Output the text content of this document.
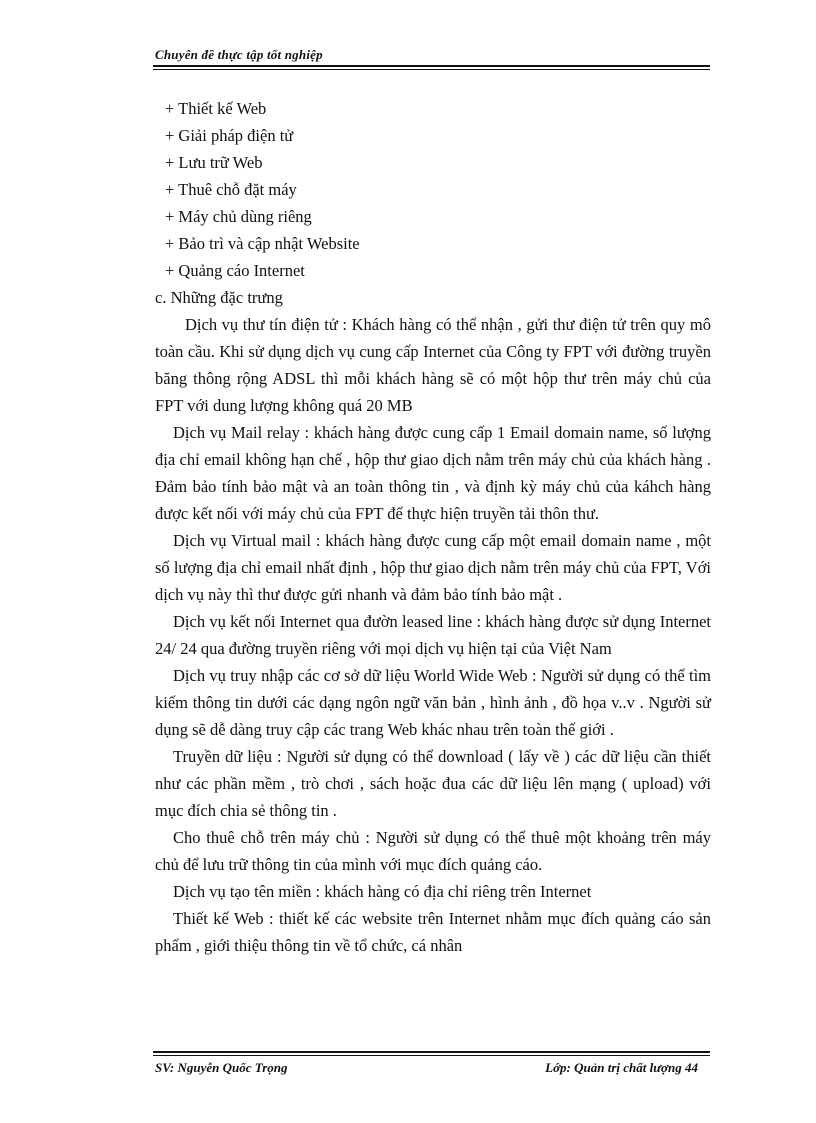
Chuyên đề thực tập tốt nghiệp

+ Thiết kế Web

+ Giải pháp điện tử

+ Lưu trữ Web

+ Thuê chỗ đặt máy

+ Máy chủ dùng riêng

+ Bảo trì và cập nhật Website

+ Quảng cáo Internet

c. Những đặc trưng

Dịch vụ thư tín điện tử : Khách hàng có thể nhận , gửi thư điện tử trên quy mô toàn cầu. Khi sử dụng dịch vụ cung cấp Internet của Công ty FPT với đường truyền băng thông rộng ADSL thì mỗi khách hàng sẽ có một hộp thư trên máy chủ của FPT với dung lượng không quá 20 MB

Dịch vụ Mail relay : khách hàng được cung cấp 1 Email domain name, số lượng địa chỉ email không hạn chế , hộp thư giao dịch nằm trên máy chủ của khách hàng . Đảm bảo tính bảo mật và an toàn thông tin , và định kỳ máy chủ của káhch hàng được kết nối với máy chủ của FPT để thực hiện truyền tải thôn thư.

Dịch vụ Virtual mail : khách hàng được cung cấp một email domain name , một số lượng địa chỉ email nhất định , hộp thư giao dịch nằm trên máy chủ của FPT, Với dịch vụ này thì thư được gửi nhanh và đảm bảo tính bảo mật .

Dịch vụ kết nối Internet qua đườn leased line : khách hàng được sử dụng Internet 24/ 24 qua đường truyền riêng với mọi dịch vụ hiện tại của Việt Nam

Dịch vụ truy nhập các cơ sở dữ liệu World Wide Web : Người sử dụng có thể tìm kiếm thông tin dưới các dạng ngôn ngữ văn bản , hình ảnh , đồ họa v..v . Người sử dụng sẽ dễ dàng truy cập các trang Web khác nhau trên toàn thế giới .

Truyền dữ liệu : Người sử dụng có thể download ( lấy về ) các dữ liệu cần thiết như các phần mềm , trò chơi , sách hoặc đua các dữ liệu lên mạng ( upload) với mục đích chia sẻ thông tin .

Cho thuê chỗ trên máy chủ : Người sử dụng có thể thuê một khoảng trên máy chủ để lưu trữ thông tin của mình với mục đích quảng cáo.

Dịch vụ tạo tên miền : khách hàng có địa chỉ riêng trên Internet

Thiết kế Web : thiết kế các website trên Internet nhằm mục đích quảng cáo sản phẩm , giới thiệu thông tin về tổ chức, cá nhân

SV: Nguyễn Quốc Trọng	Lớp: Quản trị chất lượng 44
